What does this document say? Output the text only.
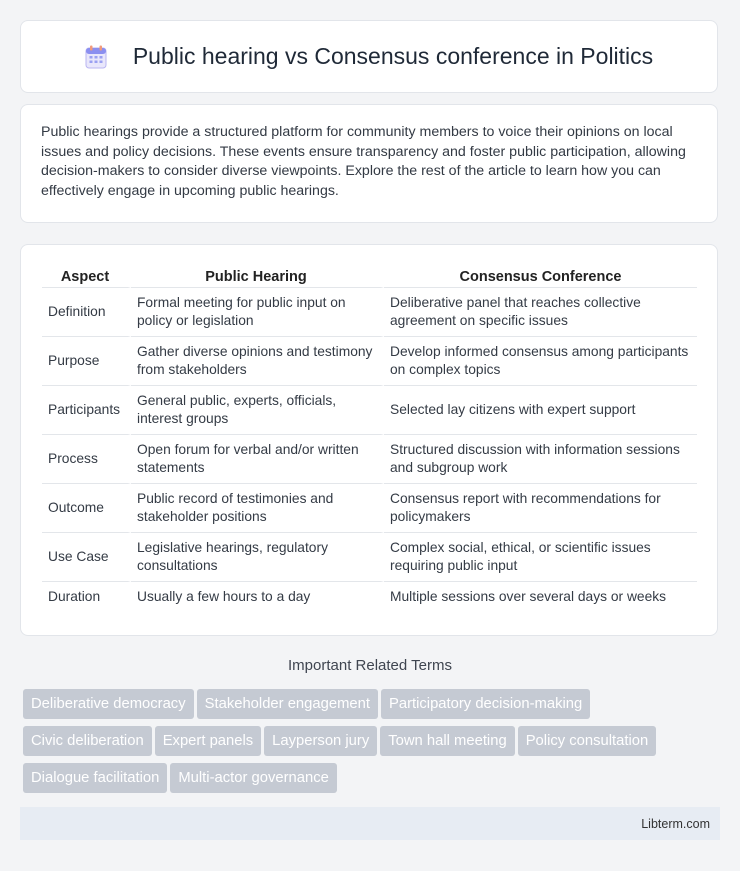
Public hearing vs Consensus conference in Politics

Public hearings provide a structured platform for community members to voice their opinions on local issues and policy decisions. These events ensure transparency and foster public participation, allowing decision-makers to consider diverse viewpoints. Explore the rest of the article to learn how you can effectively engage in upcoming public hearings.

Aspect	Public Hearing	Consensus Conference
Definition	Formal meeting for public input on policy or legislation	Deliberative panel that reaches collective agreement on specific issues
Purpose	Gather diverse opinions and testimony from stakeholders	Develop informed consensus among participants on complex topics
Participants	General public, experts, officials, interest groups	Selected lay citizens with expert support
Process	Open forum for verbal and/or written statements	Structured discussion with information sessions and subgroup work
Outcome	Public record of testimonies and stakeholder positions	Consensus report with recommendations for policymakers
Use Case	Legislative hearings, regulatory consultations	Complex social, ethical, or scientific issues requiring public input
Duration	Usually a few hours to a day	Multiple sessions over several days or weeks
Important Related Terms
Deliberative democracy Stakeholder engagement Participatory decision-making
Civic deliberation Expert panels Layperson jury Town hall meeting Policy consultation
Dialogue facilitation Multi-actor governance
Libterm.com
